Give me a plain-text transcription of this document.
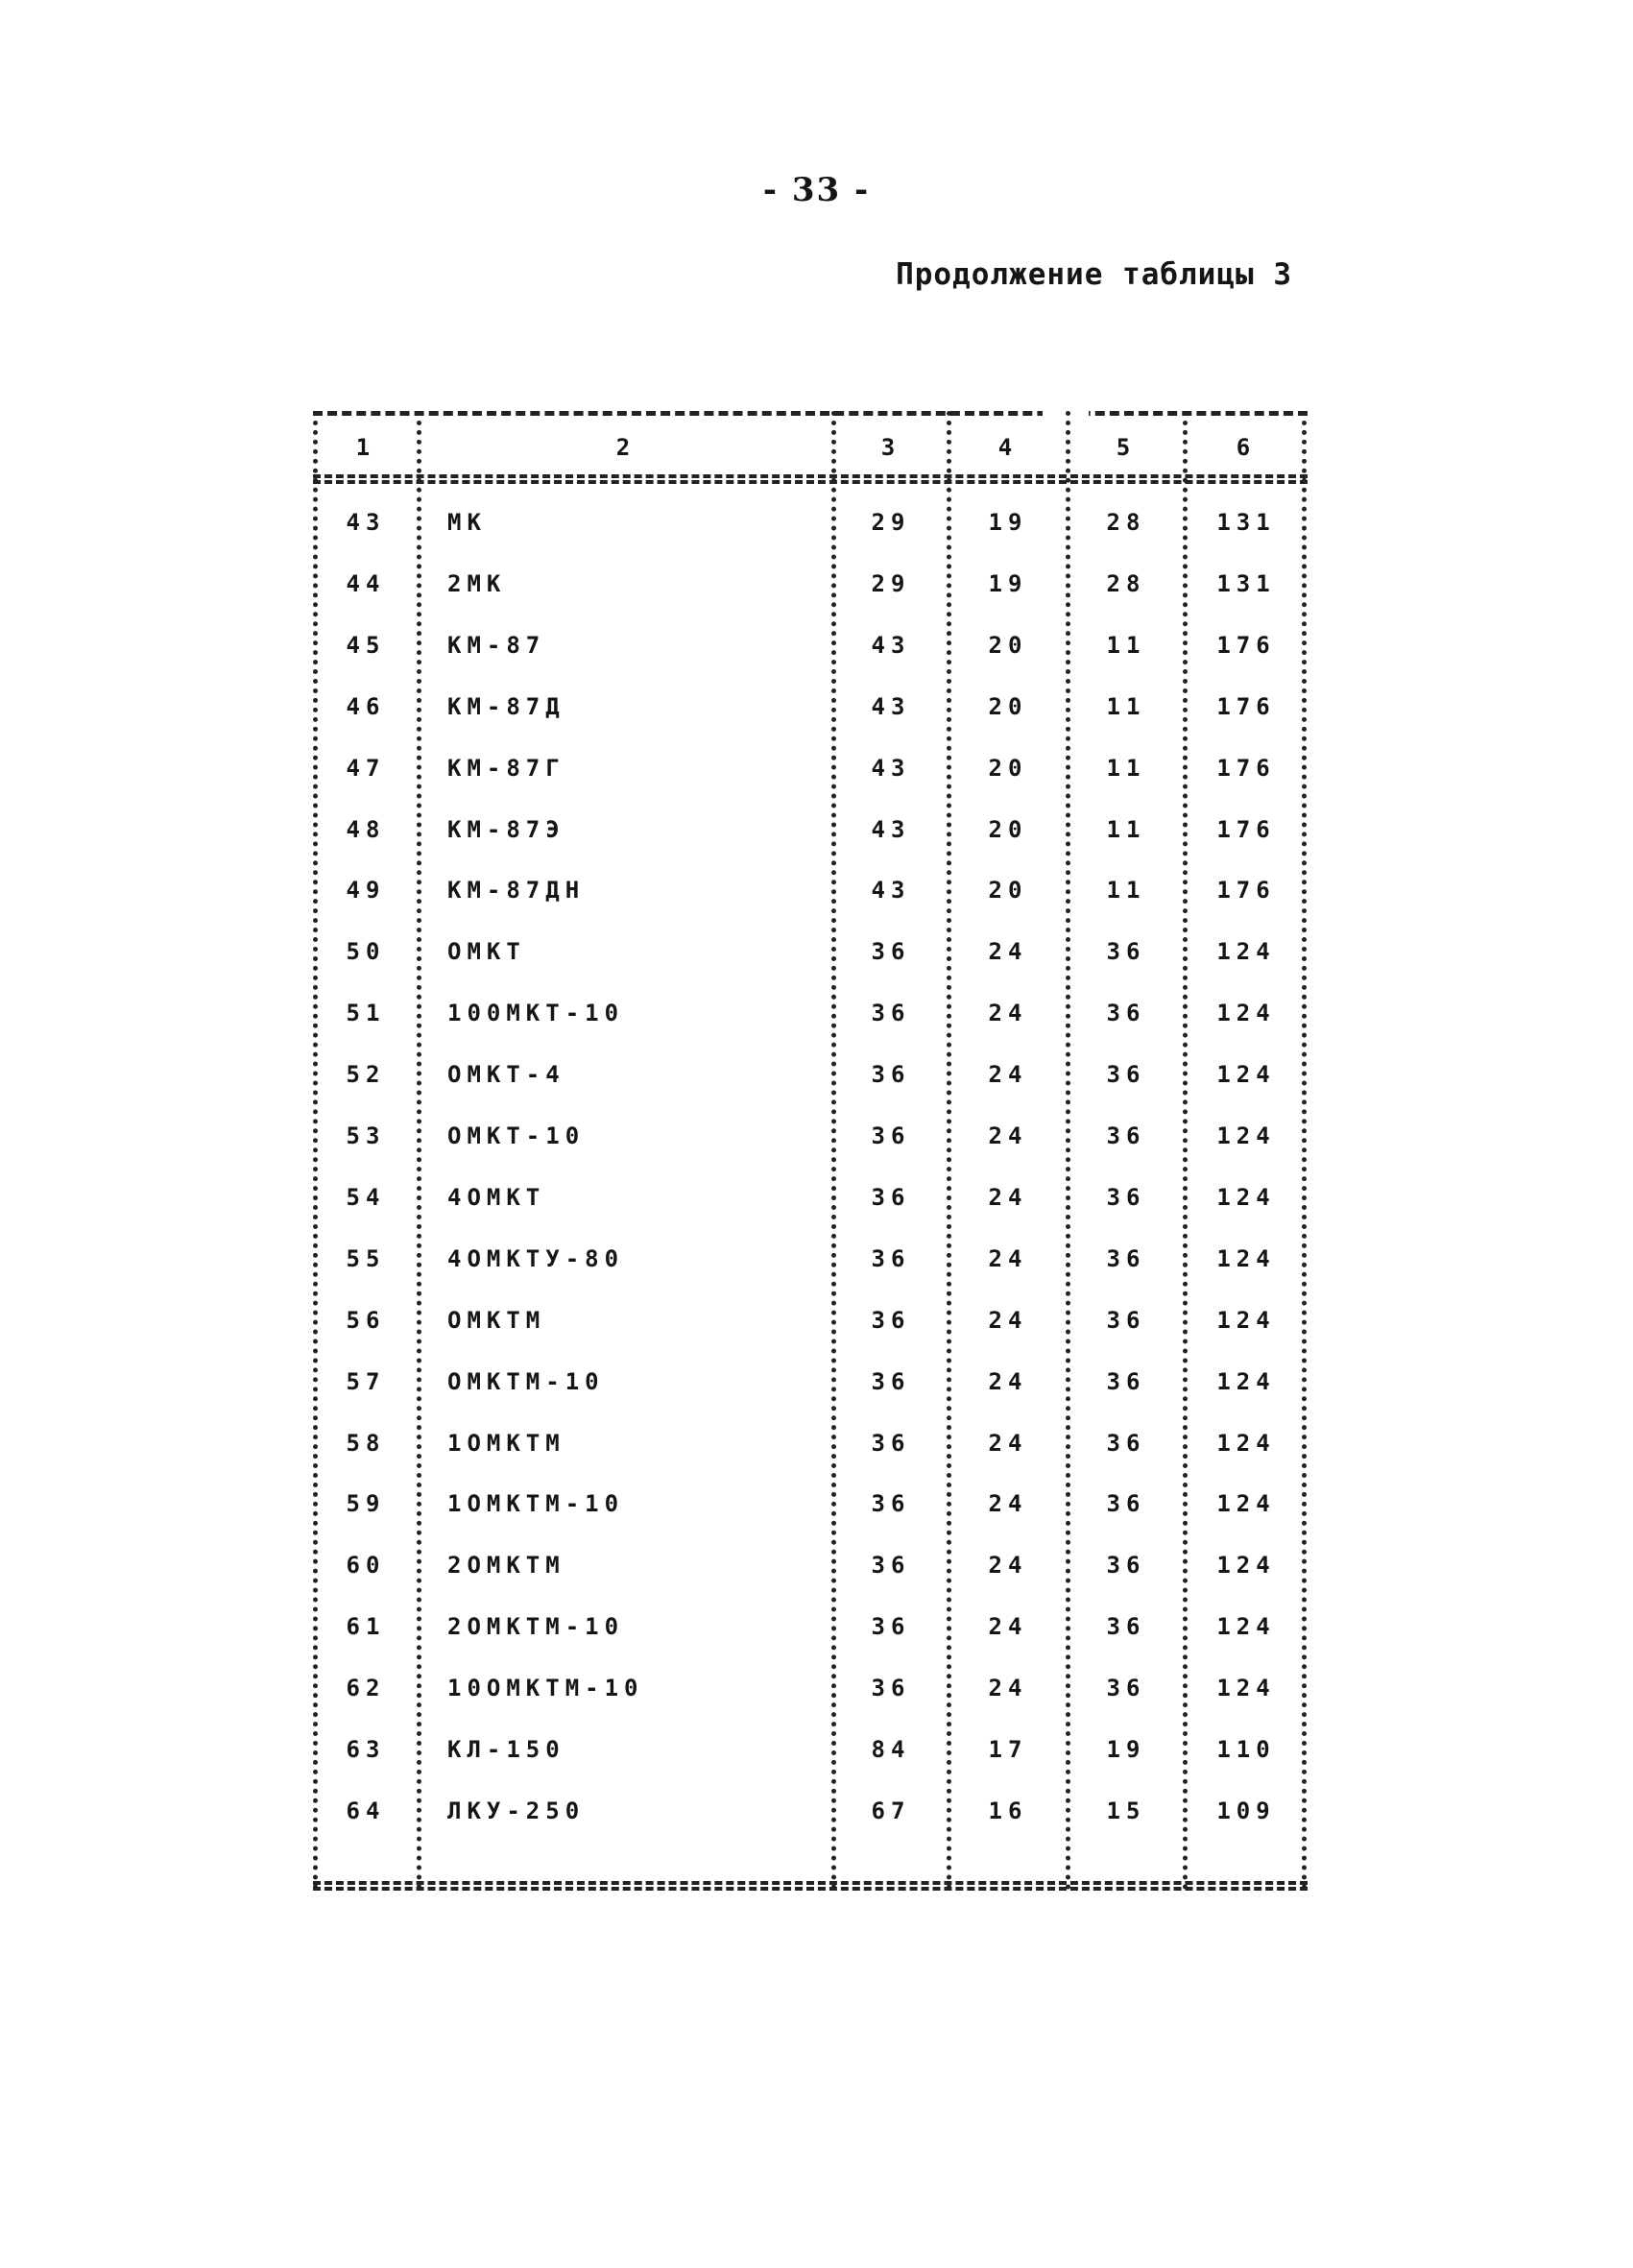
- 33 -
Продолжение таблицы 3
1	2	3	4	5	6
43	МК	29	19	28	131
44	2МК	29	19	28	131
45	КМ-87	43	20	11	176
46	КМ-87Д	43	20	11	176
47	КМ-87Г	43	20	11	176
48	КМ-87Э	43	20	11	176
49	КМ-87ДН	43	20	11	176
50	ОМКТ	36	24	36	124
51	100МКТ-10	36	24	36	124
52	ОМКТ-4	36	24	36	124
53	ОМКТ-10	36	24	36	124
54	4ОМКТ	36	24	36	124
55	4ОМКТУ-80	36	24	36	124
56	ОМКТМ	36	24	36	124
57	ОМКТМ-10	36	24	36	124
58	1ОМКТМ	36	24	36	124
59	1ОМКТМ-10	36	24	36	124
60	2ОМКТМ	36	24	36	124
61	2ОМКТМ-10	36	24	36	124
62	10ОМКТМ-10	36	24	36	124
63	КЛ-150	84	17	19	110
64	ЛКУ-250	67	16	15	109
